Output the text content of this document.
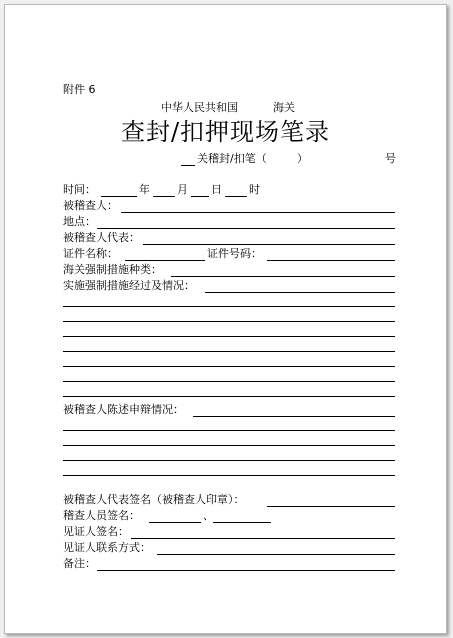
附件 6
中华人民共和国	海关
查封/扣押现场笔录
关稽封/扣笔（	）	号
时间：	年 月 日 时
被稽查人：
地点：
被稽查人代表：
证件名称：	证件号码：
海关强制措施种类：
实施强制措施经过及情况：
被稽查人陈述申辩情况：
被稽查人代表签名（被稽查人印章）：
稽查人员签名：	、
见证人签名：
见证人联系方式：
备注：
